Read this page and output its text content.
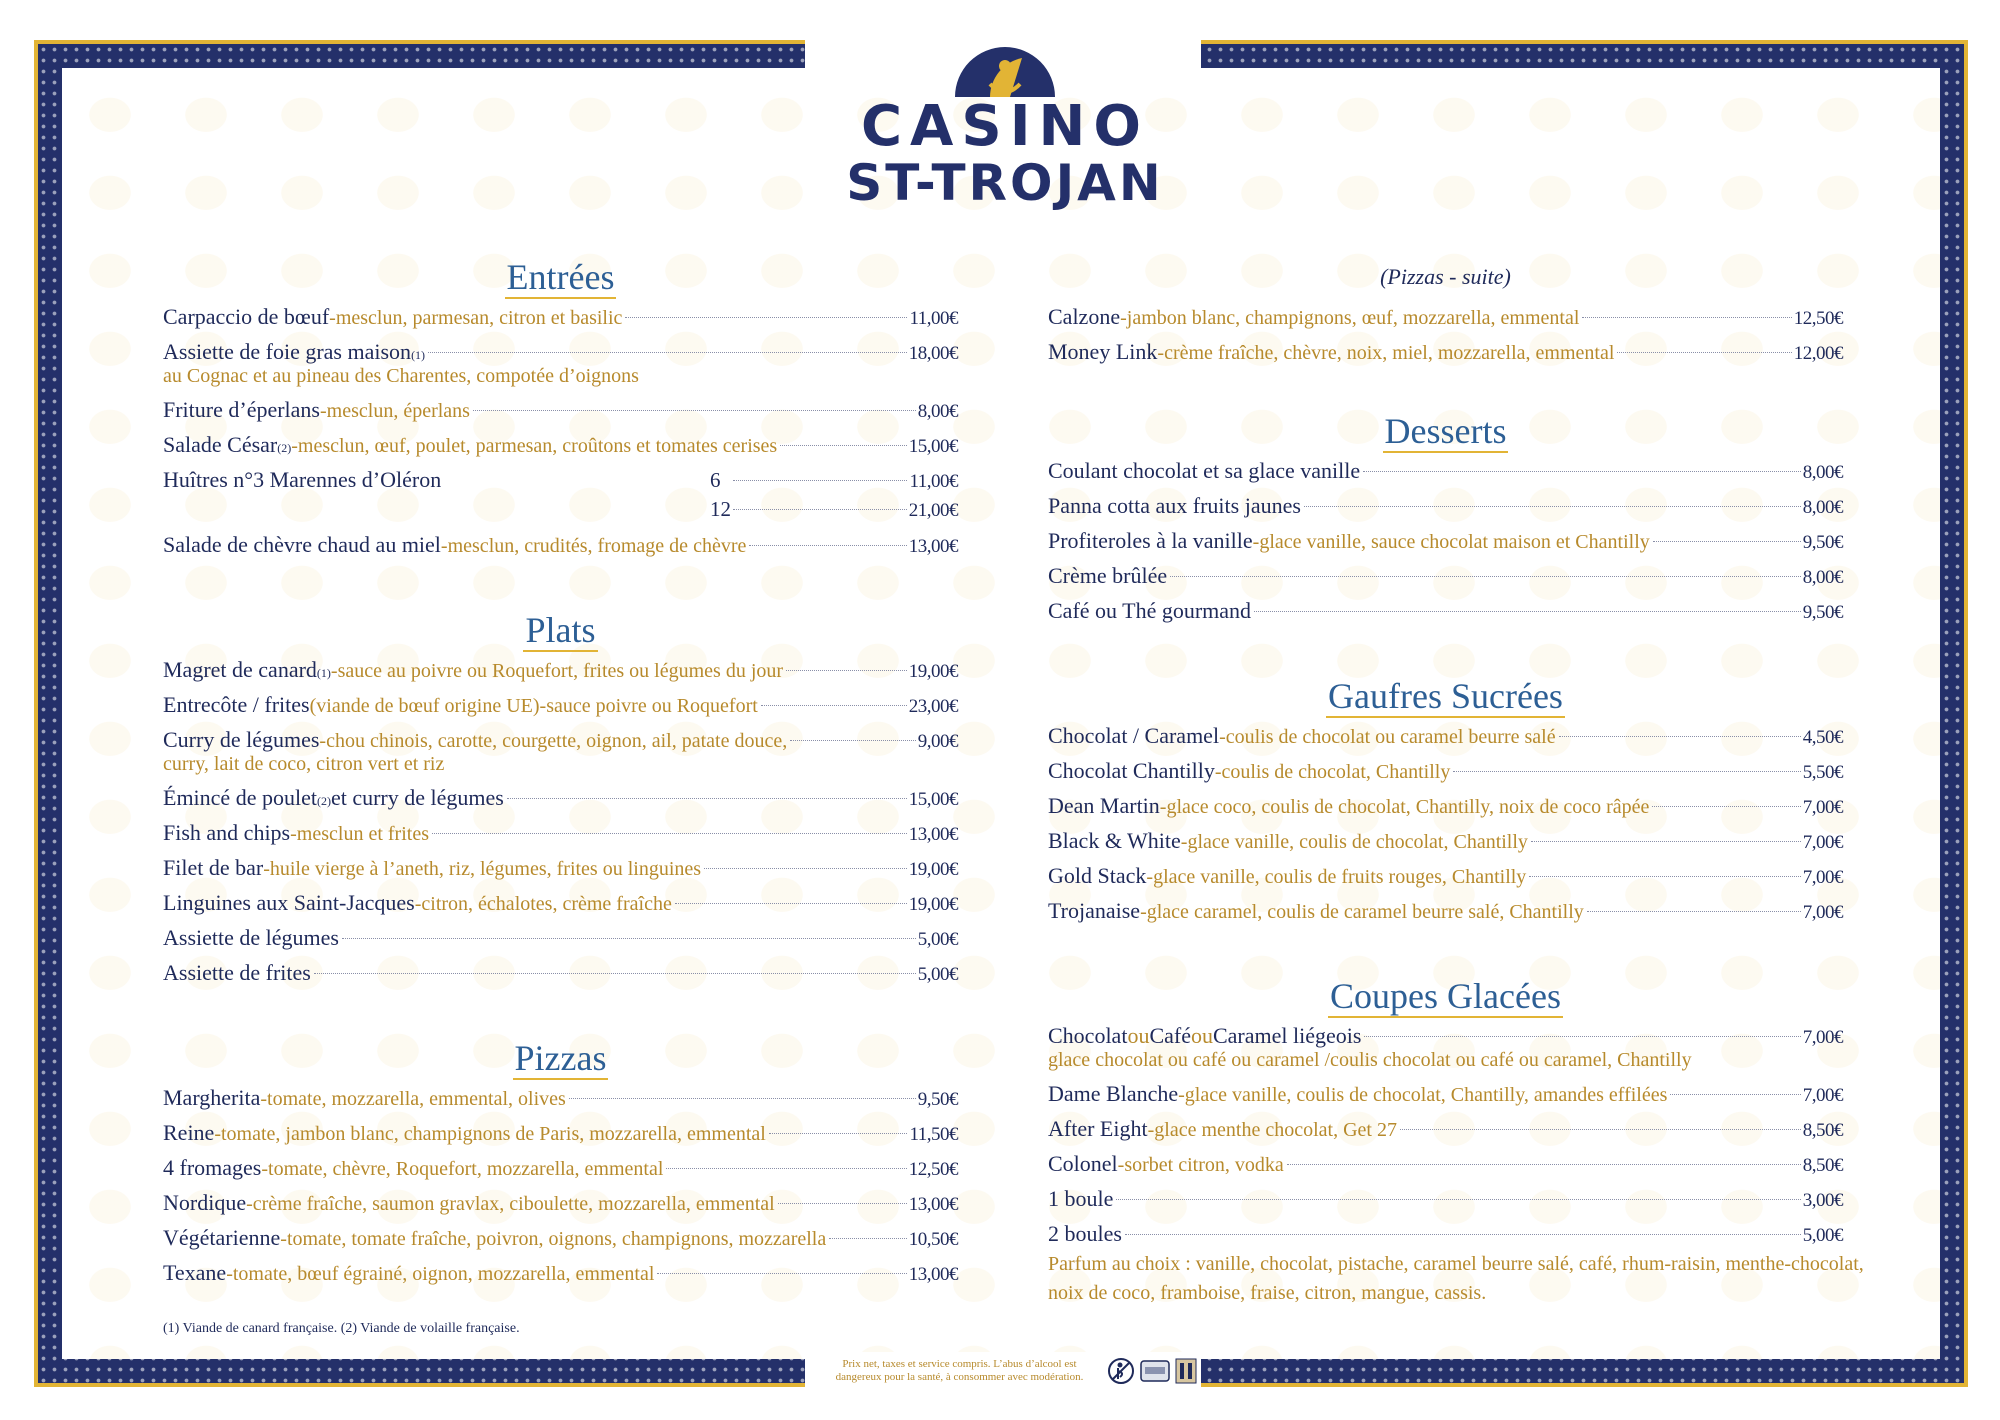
CASINO
ST-TROJAN
Entrées
Carpaccio de bœuf - mesclun, parmesan, citron et basilic	11,00€
Assiette de foie gras maison (1)	18,00€
au Cognac et au pineau des Charentes, compotée d’oignons
Friture d’éperlans - mesclun, éperlans	8,00€
Salade César (2) - mesclun, œuf, poulet, parmesan, croûtons et tomates cerises	15,00€
Huîtres n°3 Marennes d’Oléron	6	11,00€
12	21,00€
Salade de chèvre chaud au miel - mesclun, crudités, fromage de chèvre	13,00€
Plats
Magret de canard (1) - sauce au poivre ou Roquefort, frites ou légumes du jour	19,00€
Entrecôte / frites (viande de bœuf origine UE) - sauce poivre ou Roquefort	23,00€
Curry de légumes - chou chinois, carotte, courgette, oignon, ail, patate douce,	9,00€
curry, lait de coco, citron vert et riz
Émincé de poulet (2) et curry de légumes	15,00€
Fish and chips - mesclun et frites	13,00€
Filet de bar - huile vierge à l’aneth, riz, légumes, frites ou linguines	19,00€
Linguines aux Saint-Jacques - citron, échalotes, crème fraîche	19,00€
Assiette de légumes	5,00€
Assiette de frites	5,00€
Pizzas
Margherita - tomate, mozzarella, emmental, olives	9,50€
Reine - tomate, jambon blanc, champignons de Paris, mozzarella, emmental	11,50€
4 fromages - tomate, chèvre, Roquefort, mozzarella, emmental	12,50€
Nordique - crème fraîche, saumon gravlax, ciboulette, mozzarella, emmental	13,00€
Végétarienne - tomate, tomate fraîche, poivron, oignons, champignons, mozzarella	10,50€
Texane - tomate, bœuf égrainé, oignon, mozzarella, emmental	13,00€
(Pizzas - suite)
Calzone - jambon blanc, champignons, œuf, mozzarella, emmental	12,50€
Money Link - crème fraîche, chèvre, noix, miel, mozzarella, emmental	12,00€
Desserts
Coulant chocolat et sa glace vanille	8,00€
Panna cotta aux fruits jaunes	8,00€
Profiteroles à la vanille - glace vanille, sauce chocolat maison et Chantilly	9,50€
Crème brûlée	8,00€
Café ou Thé gourmand	9,50€
Gaufres Sucrées
Chocolat / Caramel - coulis de chocolat ou caramel beurre salé	4,50€
Chocolat Chantilly - coulis de chocolat, Chantilly	5,50€
Dean Martin - glace coco, coulis de chocolat, Chantilly, noix de coco râpée	7,00€
Black & White - glace vanille, coulis de chocolat, Chantilly	7,00€
Gold Stack - glace vanille, coulis de fruits rouges, Chantilly	7,00€
Trojanaise - glace caramel, coulis de caramel beurre salé, Chantilly	7,00€
Coupes Glacées
Chocolat ou Café ou Caramel liégeois	7,00€
glace chocolat ou café ou caramel /coulis chocolat ou café ou caramel, Chantilly
Dame Blanche - glace vanille, coulis de chocolat, Chantilly, amandes effilées	7,00€
After Eight - glace menthe chocolat, Get 27	8,50€
Colonel - sorbet citron, vodka	8,50€
1 boule	3,00€
2 boules	5,00€
Parfum au choix : vanille, chocolat, pistache, caramel beurre salé, café, rhum-raisin, menthe-chocolat,
noix de coco, framboise, fraise, citron, mangue, cassis.
(1) Viande de canard française. (2) Viande de volaille française.
Prix net, taxes et service compris. L’abus d’alcool est
dangereux pour la santé, à consommer avec modération.
